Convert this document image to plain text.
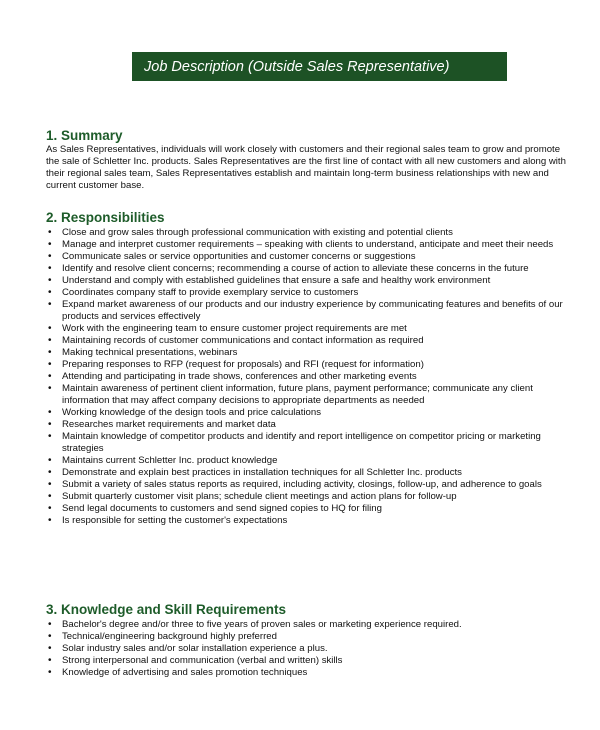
Job Description (Outside Sales Representative)
1. Summary

As Sales Representatives, individuals will work closely with customers and their regional sales team to grow and promote the sale of Schletter Inc. products. Sales Representatives are the first line of contact with all new customers and along with their regional sales team, Sales Representatives establish and maintain long-term business relationships with new and current customer base.

2. Responsibilities
• Close and grow sales through professional communication with existing and potential clients
• Manage and interpret customer requirements – speaking with clients to understand, anticipate and meet their needs
• Communicate sales or service opportunities and customer concerns or suggestions
• Identify and resolve client concerns; recommending a course of action to alleviate these concerns in the future
• Understand and comply with established guidelines that ensure a safe and healthy work environment
• Coordinates company staff to provide exemplary service to customers
• Expand market awareness of our products and our industry experience by communicating features and benefits of our products and services effectively
• Work with the engineering team to ensure customer project requirements are met
• Maintaining records of customer communications and contact information as required
• Making technical presentations, webinars
• Preparing responses to RFP (request for proposals) and RFI (request for information)
• Attending and participating in trade shows, conferences and other marketing events
• Maintain awareness of pertinent client information, future plans, payment performance; communicate any client information that may affect company decisions to appropriate departments as needed
• Working knowledge of the design tools and price calculations
• Researches market requirements and market data
• Maintain knowledge of competitor products and identify and report intelligence on competitor pricing or marketing strategies
• Maintains current Schletter Inc. product knowledge
• Demonstrate and explain best practices in installation techniques for all Schletter Inc. products
• Submit a variety of sales status reports as required, including activity, closings, follow-up, and adherence to goals
• Submit quarterly customer visit plans; schedule client meetings and action plans for follow-up
• Send legal documents to customers and send signed copies to HQ for filing
• Is responsible for setting the customer's expectations
3. Knowledge and Skill Requirements
• Bachelor's degree and/or three to five years of proven sales or marketing experience required.
• Technical/engineering background highly preferred
• Solar industry sales and/or solar installation experience a plus.
• Strong interpersonal and communication (verbal and written) skills
• Knowledge of advertising and sales promotion techniques
